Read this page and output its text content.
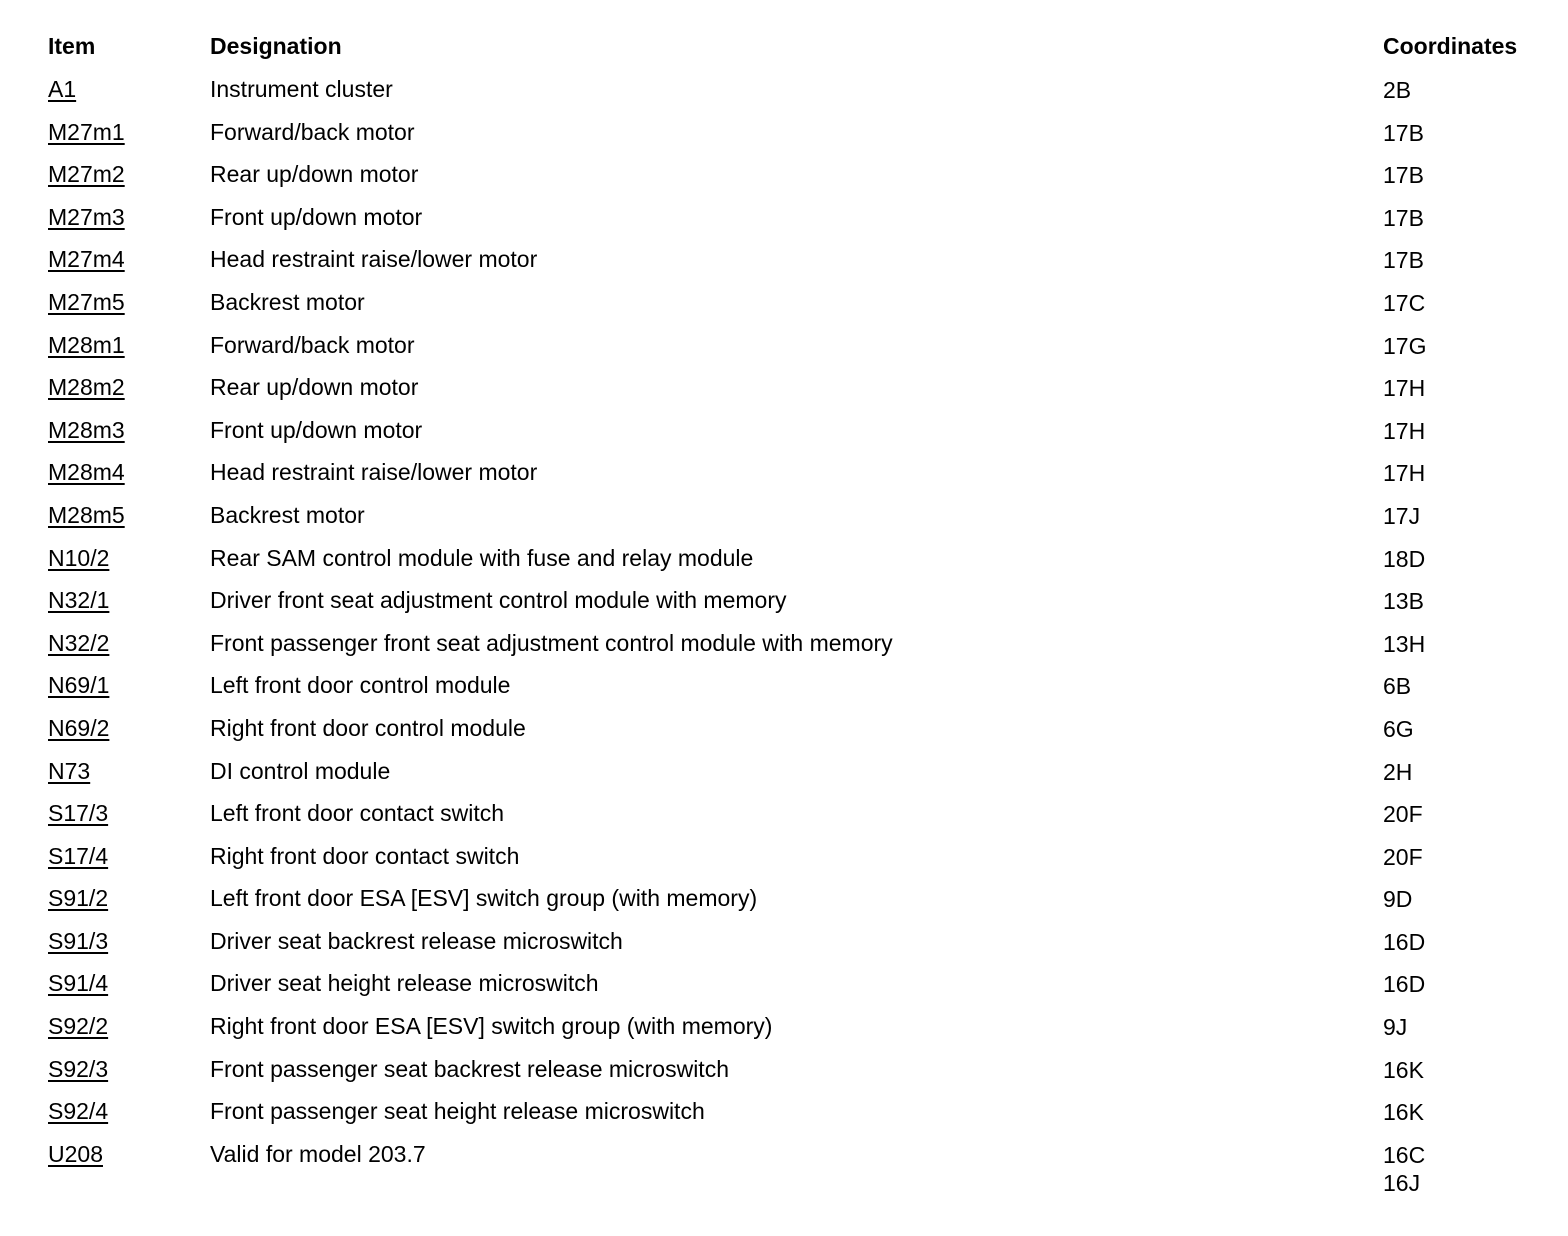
Item	Designation	Coordinates
A1	Instrument cluster	2B
M27m1	Forward/back motor	17B
M27m2	Rear up/down motor	17B
M27m3	Front up/down motor	17B
M27m4	Head restraint raise/lower motor	17B
M27m5	Backrest motor	17C
M28m1	Forward/back motor	17G
M28m2	Rear up/down motor	17H
M28m3	Front up/down motor	17H
M28m4	Head restraint raise/lower motor	17H
M28m5	Backrest motor	17J
N10/2	Rear SAM control module with fuse and relay module	18D
N32/1	Driver front seat adjustment control module with memory	13B
N32/2	Front passenger front seat adjustment control module with memory	13H
N69/1	Left front door control module	6B
N69/2	Right front door control module	6G
N73	DI control module	2H
S17/3	Left front door contact switch	20F
S17/4	Right front door contact switch	20F
S91/2	Left front door ESA [ESV] switch group (with memory)	9D
S91/3	Driver seat backrest release microswitch	16D
S91/4	Driver seat height release microswitch	16D
S92/2	Right front door ESA [ESV] switch group (with memory)	9J
S92/3	Front passenger seat backrest release microswitch	16K
S92/4	Front passenger seat height release microswitch	16K
U208	Valid for model 203.7	16C
16J
